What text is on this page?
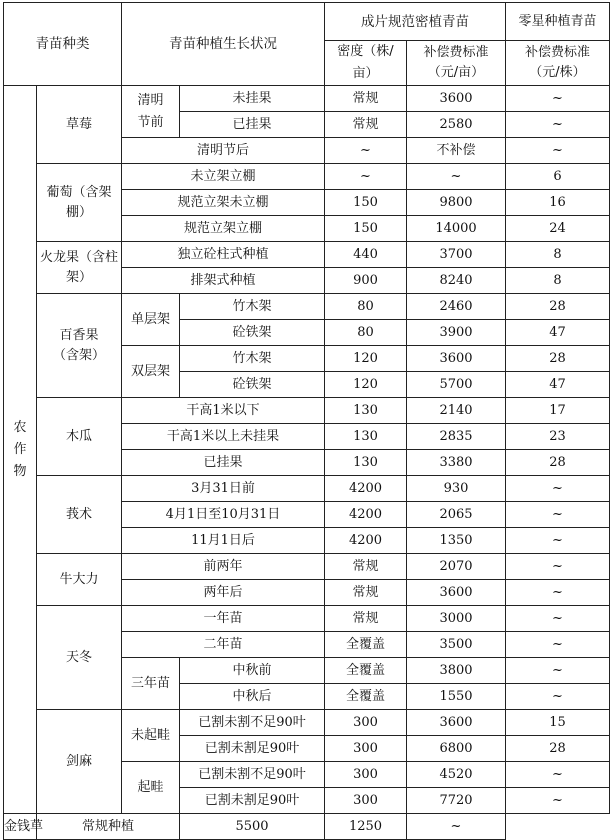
青苗种类		青苗种植生长状况		成片规范密植青苗		零星种植青苗
				密度（株/亩）	补偿费标准（元/亩）	补偿费标准（元/株）
农作物	草莓	清明节前	未挂果	常规	3600	~
			已挂果	常规	2580	~
		清明节后		~	不补偿	~
	葡萄（含架棚）	未立架立棚		~	~	6
		规范立架未立棚		150	9800	16
		规范立架立棚		150	14000	24
	火龙果（含柱架）	独立砼柱式种植		440	3700	8
		排架式种植		900	8240	8
	百香果（含架）	单层架	竹木架	80	2460	28
			砼铁架	80	3900	47
		双层架	竹木架	120	3600	28
			砼铁架	120	5700	47
	木瓜	干高1米以下		130	2140	17
		干高1米以上未挂果		130	2835	23
		已挂果		130	3380	28
	莪术	3月31日前		4200	930	~
		4月1日至10月31日		4200	2065	~
		11月1日后		4200	1350	~
	牛大力	前两年		常规	2070	~
		两年后		常规	3600	~
	天冬	一年苗		常规	3000	~
		二年苗		全覆盖	3500	~
		三年苗	中秋前	全覆盖	3800	~
			中秋后	全覆盖	1550	~
	剑麻	未起畦	已割未割不足90叶	300	3600	15
			已割未割足90叶	300	6800	28
		起畦	已割未割不足90叶	300	4520	~
			已割未割足90叶	300	7720	~
金钱草	常规种植		5500	1250	~	
